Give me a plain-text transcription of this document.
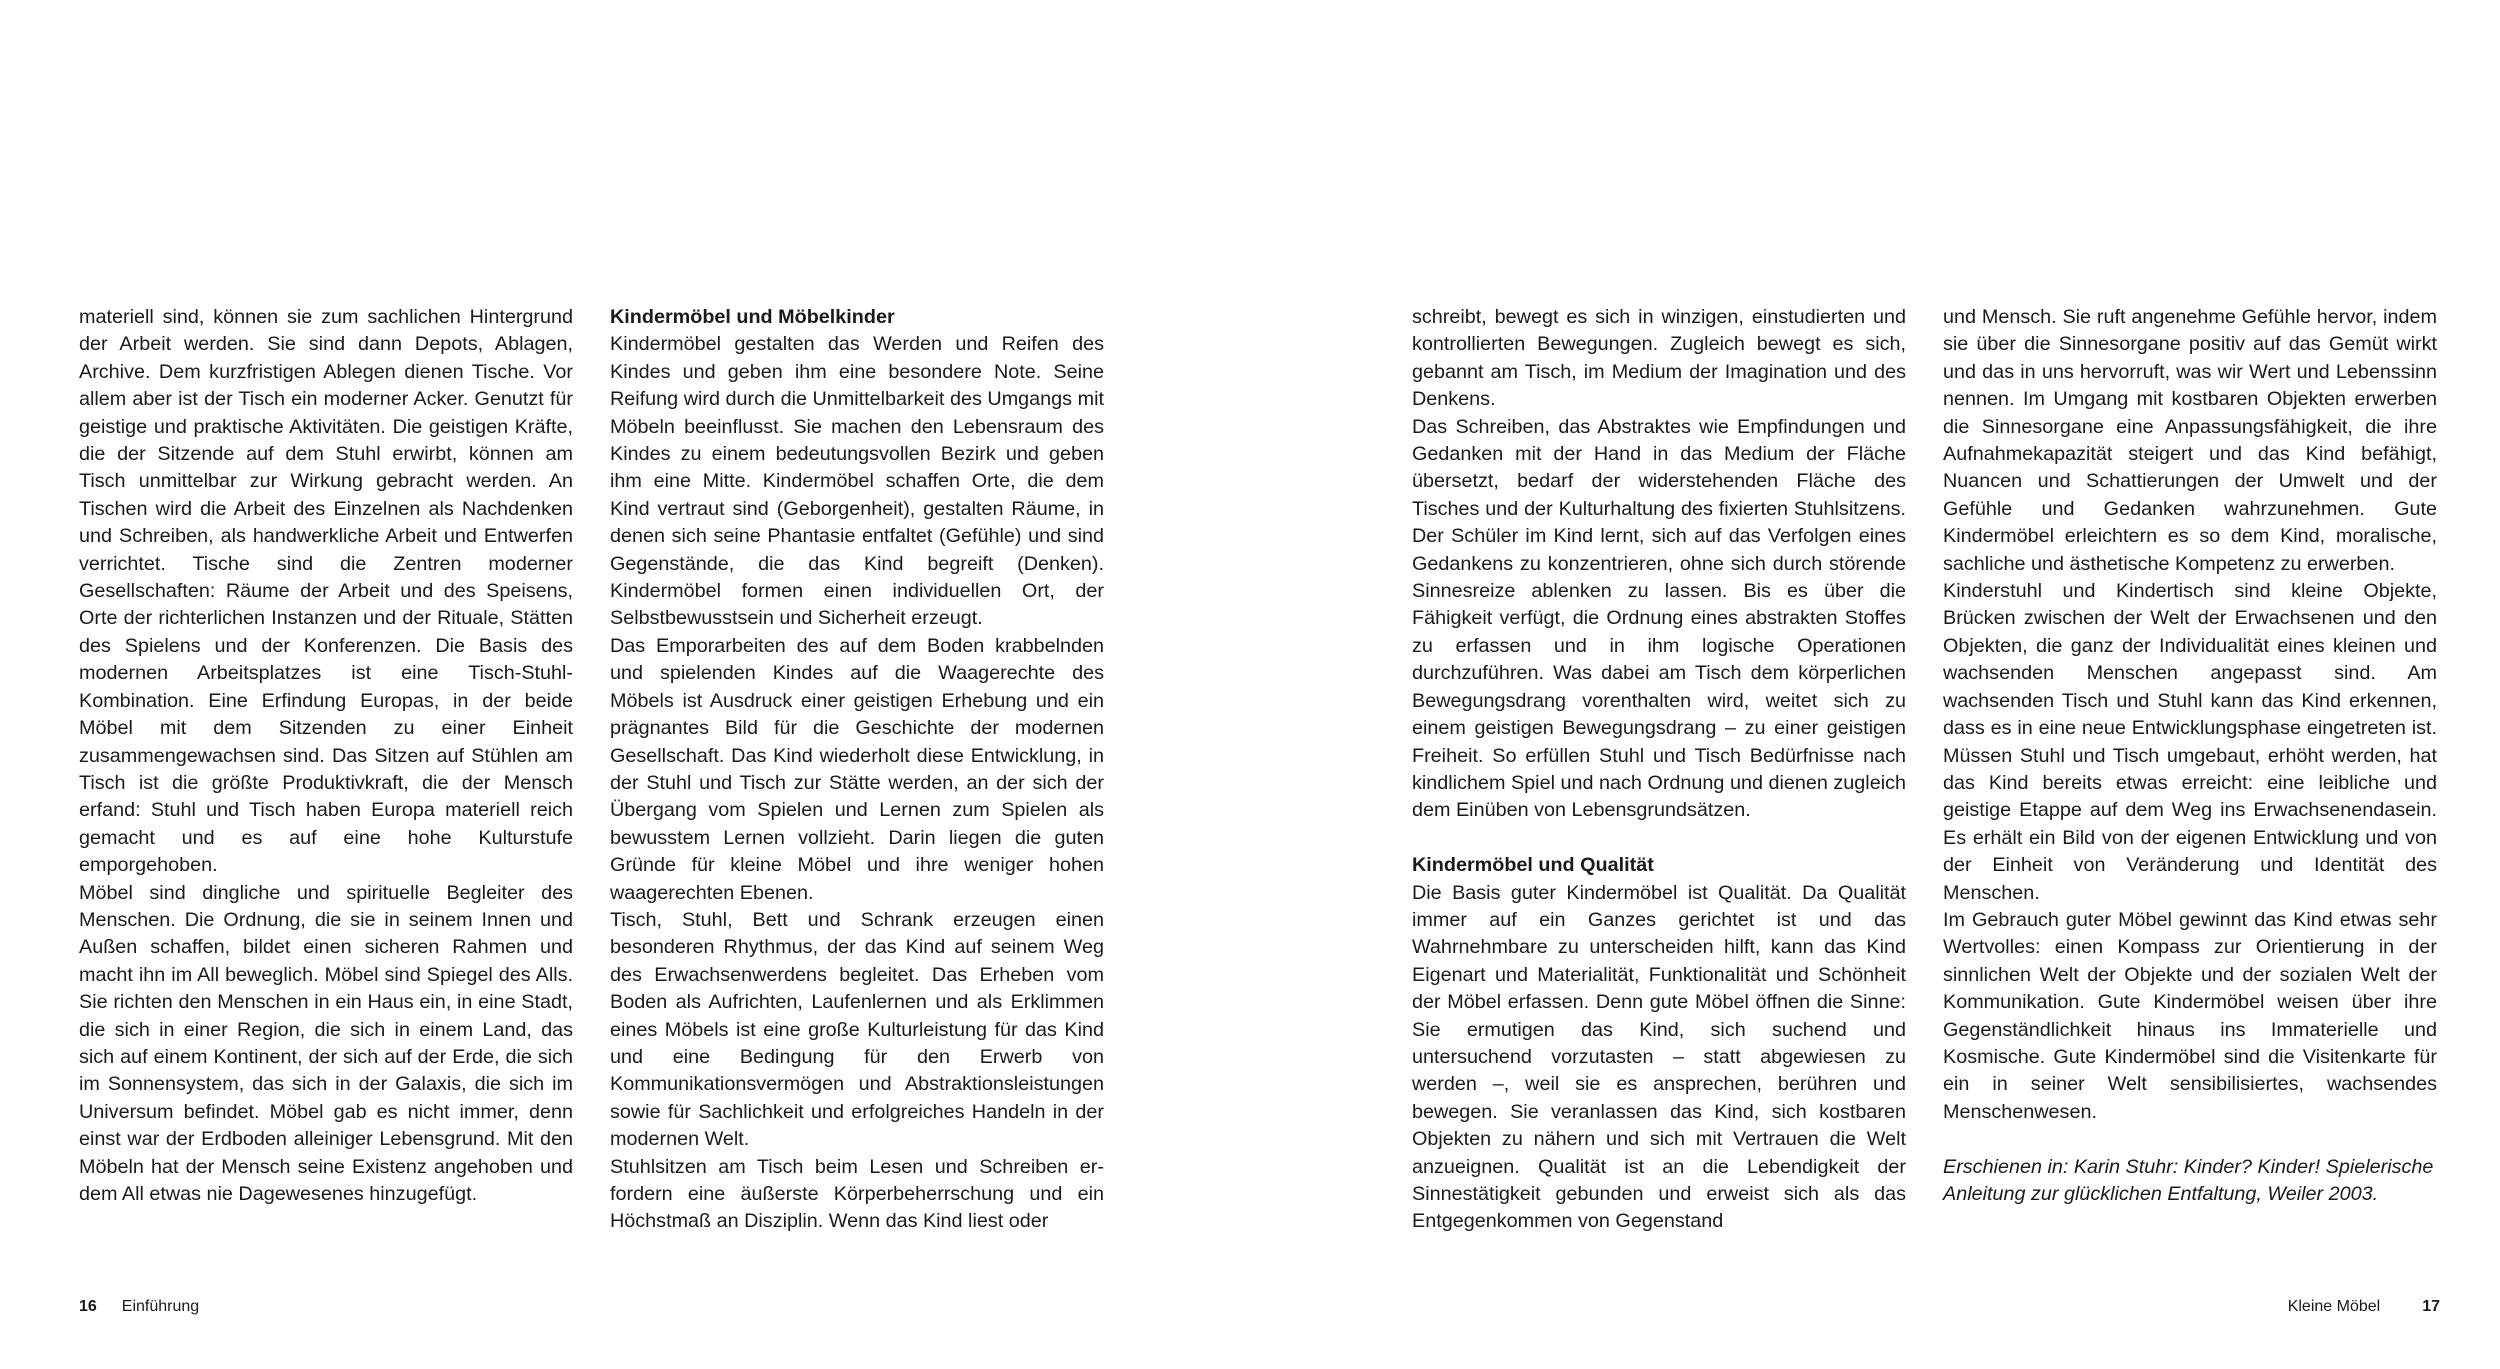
materiell sind, können sie zum sachlichen Hintergrund der Arbeit werden. Sie sind dann Depots, Ablagen, Archive. Dem kurzfristigen Ablegen dienen Tische. Vor allem aber ist der Tisch ein moderner Acker. Genutzt für geistige und praktische Aktivitäten. Die geistigen Kräfte, die der Sitzende auf dem Stuhl erwirbt, können am Tisch unmittelbar zur Wirkung gebracht werden. An Tischen wird die Arbeit des Einzelnen als Nachdenken und Schreiben, als handwerkliche Arbeit und Entwerfen verrichtet. Tische sind die Zentren moderner Gesellschaften: Räume der Arbeit und des Speisens, Orte der richterlichen Instanzen und der Rituale, Stätten des Spielens und der Konferenzen. Die Basis des modernen Arbeitsplatzes ist eine Tisch-Stuhl-Kombination. Eine Erfindung Europas, in der beide Möbel mit dem Sitzenden zu einer Einheit zusammengewachsen sind. Das Sitzen auf Stühlen am Tisch ist die größte Produktivkraft, die der Mensch erfand: Stuhl und Tisch haben Europa materiell reich gemacht und es auf eine hohe Kulturstufe emporgehoben.

Möbel sind dingliche und spirituelle Begleiter des Menschen. Die Ordnung, die sie in seinem Innen und Außen schaffen, bildet einen sicheren Rahmen und macht ihn im All beweglich. Möbel sind Spiegel des Alls. Sie richten den Menschen in ein Haus ein, in eine Stadt, die sich in einer Region, die sich in einem Land, das sich auf einem Kontinent, der sich auf der Erde, die sich im Sonnensystem, das sich in der Galaxis, die sich im Universum befindet. Möbel gab es nicht immer, denn einst war der Erdboden alleiniger Lebensgrund. Mit den Möbeln hat der Mensch seine Existenz angehoben und dem All etwas nie Dagewesenes hinzugefügt.

Kindermöbel und Möbelkinder

Kindermöbel gestalten das Werden und Reifen des Kindes und geben ihm eine besondere Note. Seine Reifung wird durch die Unmittelbarkeit des Umgangs mit Möbeln beeinflusst. Sie machen den Lebensraum des Kindes zu einem bedeutungsvollen Bezirk und geben ihm eine Mitte. Kindermöbel schaffen Orte, die dem Kind vertraut sind (Geborgenheit), gestalten Räume, in denen sich seine Phantasie entfaltet (Gefühle) und sind Gegenstände, die das Kind begreift (Denken). Kindermöbel formen einen individuellen Ort, der Selbstbewusstsein und Sicherheit erzeugt.

Das Emporarbeiten des auf dem Boden krabbelnden und spielenden Kindes auf die Waagerechte des Möbels ist Ausdruck einer geistigen Erhebung und ein prägnantes Bild für die Geschichte der modernen Gesellschaft. Das Kind wiederholt diese Entwicklung, in der Stuhl und Tisch zur Stätte werden, an der sich der Übergang vom Spielen und Lernen zum Spielen als bewusstem Lernen vollzieht. Darin liegen die guten Gründe für kleine Möbel und ihre weniger hohen waagerechten Ebenen.

Tisch, Stuhl, Bett und Schrank erzeugen einen besonderen Rhythmus, der das Kind auf seinem Weg des Erwachsenwerdens begleitet. Das Erheben vom Boden als Aufrichten, Laufenlernen und als Erklimmen eines Möbels ist eine große Kulturleistung für das Kind und eine Bedingung für den Erwerb von Kommunikationsvermögen und Abstraktionsleistungen sowie für Sachlichkeit und erfolgreiches Handeln in der modernen Welt.

Stuhlsitzen am Tisch beim Lesen und Schreiben erfordern eine äußerste Körperbeherrschung und ein Höchstmaß an Disziplin. Wenn das Kind liest oder

16 Einführung

schreibt, bewegt es sich in winzigen, einstudierten und kontrollierten Bewegungen. Zugleich bewegt es sich, gebannt am Tisch, im Medium der Imagination und des Denkens.

Das Schreiben, das Abstraktes wie Empfindungen und Gedanken mit der Hand in das Medium der Fläche übersetzt, bedarf der widerstehenden Fläche des Tisches und der Kulturhaltung des fixierten Stuhlsitzens. Der Schüler im Kind lernt, sich auf das Verfolgen eines Gedankens zu konzentrieren, ohne sich durch störende Sinnesreize ablenken zu lassen. Bis es über die Fähigkeit verfügt, die Ordnung eines abstrakten Stoffes zu erfassen und in ihm logische Operationen durchzuführen. Was dabei am Tisch dem körperlichen Bewegungsdrang vorenthalten wird, weitet sich zu einem geistigen Bewegungsdrang – zu einer geistigen Freiheit. So erfüllen Stuhl und Tisch Bedürfnisse nach kindlichem Spiel und nach Ordnung und dienen zugleich dem Einüben von Lebensgrundsätzen.

Kindermöbel und Qualität

Die Basis guter Kindermöbel ist Qualität. Da Qualität immer auf ein Ganzes gerichtet ist und das Wahrnehmbare zu unterscheiden hilft, kann das Kind Eigenart und Materialität, Funktionalität und Schönheit der Möbel erfassen. Denn gute Möbel öffnen die Sinne: Sie ermutigen das Kind, sich suchend und untersuchend vorzutasten – statt abgewiesen zu werden –, weil sie es ansprechen, berühren und bewegen. Sie veranlassen das Kind, sich kostbaren Objekten zu nähern und sich mit Vertrauen die Welt anzueignen. Qualität ist an die Lebendigkeit der Sinnestätigkeit gebunden und erweist sich als das Entgegenkommen von Gegenstand

und Mensch. Sie ruft angenehme Gefühle hervor, indem sie über die Sinnesorgane positiv auf das Gemüt wirkt und das in uns hervorruft, was wir Wert und Lebenssinn nennen. Im Umgang mit kostbaren Objekten erwerben die Sinnesorgane eine Anpassungsfähigkeit, die ihre Aufnahmekapazität steigert und das Kind befähigt, Nuancen und Schattierungen der Umwelt und der Gefühle und Gedanken wahrzunehmen. Gute Kindermöbel erleichtern es so dem Kind, moralische, sachliche und ästhetische Kompetenz zu erwerben.

Kinderstuhl und Kindertisch sind kleine Objekte, Brücken zwischen der Welt der Erwachsenen und den Objekten, die ganz der Individualität eines kleinen und wachsenden Menschen angepasst sind. Am wachsenden Tisch und Stuhl kann das Kind erkennen, dass es in eine neue Entwicklungsphase eingetreten ist. Müssen Stuhl und Tisch umgebaut, erhöht werden, hat das Kind bereits etwas erreicht: eine leibliche und geistige Etappe auf dem Weg ins Erwachsenendasein. Es erhält ein Bild von der eigenen Entwicklung und von der Einheit von Veränderung und Identität des Menschen.

Im Gebrauch guter Möbel gewinnt das Kind etwas sehr Wertvolles: einen Kompass zur Orientierung in der sinnlichen Welt der Objekte und der sozialen Welt der Kommunikation. Gute Kindermöbel weisen über ihre Gegenständlichkeit hinaus ins Immaterielle und Kosmische. Gute Kindermöbel sind die Visitenkarte für ein in seiner Welt sensibilisiertes, wachsendes Menschenwesen.

Erschienen in: Karin Stuhr: Kinder? Kinder! Spielerische Anleitung zur glücklichen Entfaltung, Weiler 2003.

Kleine Möbel	17
